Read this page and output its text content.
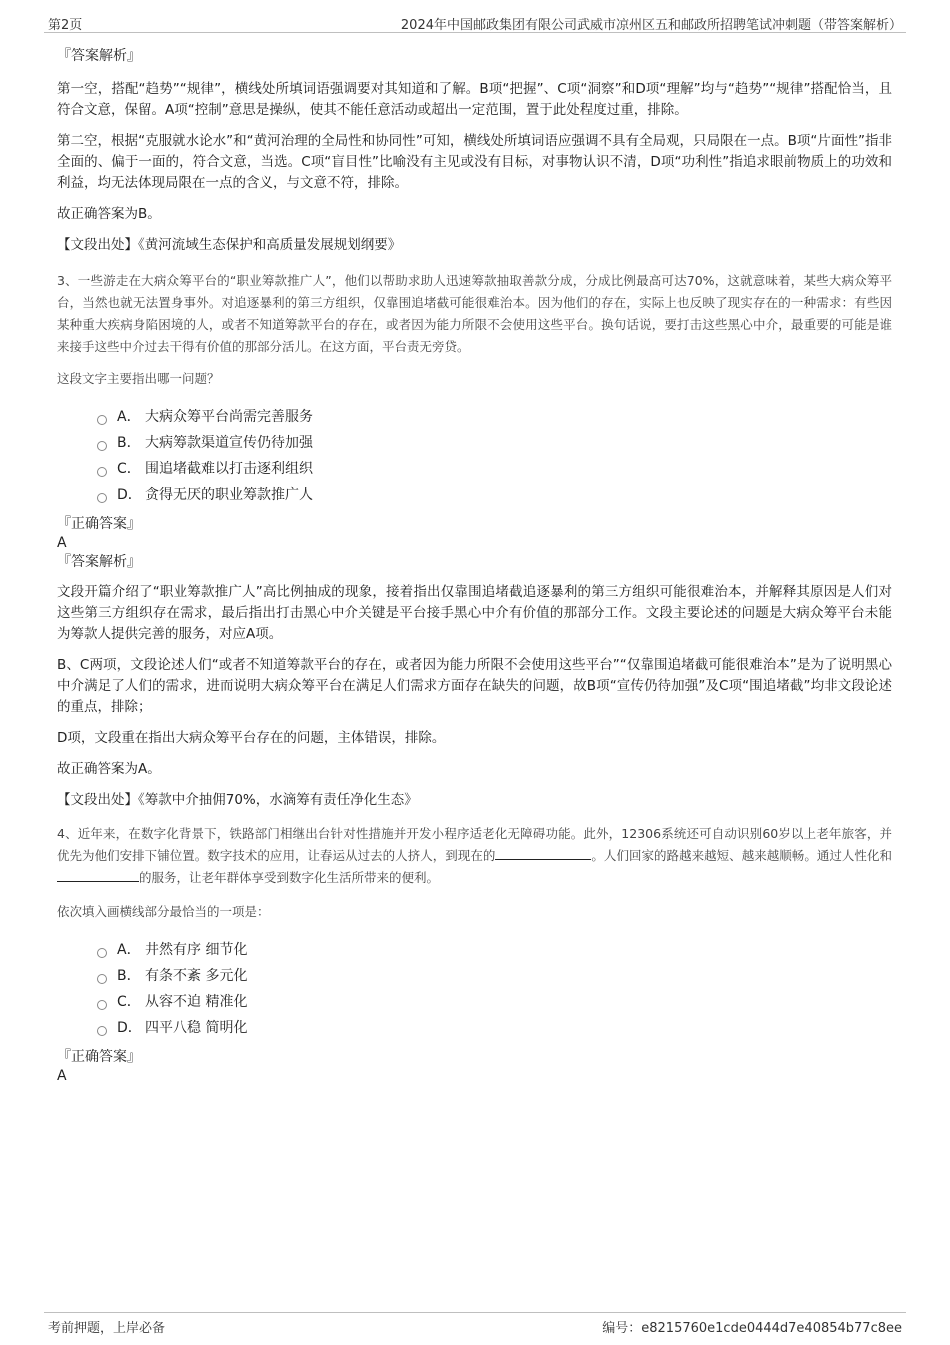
第2页	2024年中国邮政集团有限公司武威市凉州区五和邮政所招聘笔试冲刺题（带答案解析）

『答案解析』

第一空，搭配“趋势”“规律”，横线处所填词语强调要对其知道和了解。B项“把握”、C项“洞察”和D项“理解”均与“趋势”“规律”搭配恰当，且符合文意，保留。A项“控制”意思是操纵，使其不能任意活动或超出一定范围，置于此处程度过重，排除。

第二空，根据“克服就水论水”和“黄河治理的全局性和协同性”可知，横线处所填词语应强调不具有全局观，只局限在一点。B项“片面性”指非全面的、偏于一面的，符合文意，当选。C项“盲目性”比喻没有主见或没有目标，对事物认识不清，D项“功利性”指追求眼前物质上的功效和利益，均无法体现局限在一点的含义，与文意不符，排除。

故正确答案为B。

【文段出处】《黄河流域生态保护和高质量发展规划纲要》

3、一些游走在大病众筹平台的“职业筹款推广人”，他们以帮助求助人迅速筹款抽取善款分成，分成比例最高可达70%，这就意味着，某些大病众筹平台，当然也就无法置身事外。对追逐暴利的第三方组织，仅靠围追堵截可能很难治本。因为他们的存在，实际上也反映了现实存在的一种需求：有些因某种重大疾病身陷困境的人，或者不知道筹款平台的存在，或者因为能力所限不会使用这些平台。换句话说，要打击这些黑心中介，最重要的可能是谁来接手这些中介过去干得有价值的那部分活儿。在这方面，平台责无旁贷。

这段文字主要指出哪一问题？

A． 大病众筹平台尚需完善服务
B． 大病筹款渠道宣传仍待加强
C． 围追堵截难以打击逐利组织
D． 贪得无厌的职业筹款推广人

『正确答案』

A

『答案解析』

文段开篇介绍了“职业筹款推广人”高比例抽成的现象，接着指出仅靠围追堵截追逐暴利的第三方组织可能很难治本，并解释其原因是人们对这些第三方组织存在需求，最后指出打击黑心中介关键是平台接手黑心中介有价值的那部分工作。文段主要论述的问题是大病众筹平台未能为筹款人提供完善的服务，对应A项。

B、C两项，文段论述人们“或者不知道筹款平台的存在，或者因为能力所限不会使用这些平台”“仅靠围追堵截可能很难治本”是为了说明黑心中介满足了人们的需求，进而说明大病众筹平台在满足人们需求方面存在缺失的问题，故B项“宣传仍待加强”及C项“围追堵截”均非文段论述的重点，排除；

D项，文段重在指出大病众筹平台存在的问题，主体错误，排除。

故正确答案为A。

【文段出处】《筹款中介抽佣70%，水滴筹有责任净化生态》

4、近年来，在数字化背景下，铁路部门相继出台针对性措施并开发小程序适老化无障碍功能。此外，12306系统还可自动识别60岁以上老年旅客，并优先为他们安排下铺位置。数字技术的应用，让春运从过去的人挤人，到现在的	。人们回家的路越来越短、越来越顺畅。通过人性化和的服务，让老年群体享受到数字化生活所带来的便利。

依次填入画横线部分最恰当的一项是：

A． 井然有序 细节化
B． 有条不紊 多元化
C． 从容不迫 精准化
D． 四平八稳 简明化

『正确答案』

A

考前押题，上岸必备	编号：e8215760e1cde0444d7e40854b77c8ee
